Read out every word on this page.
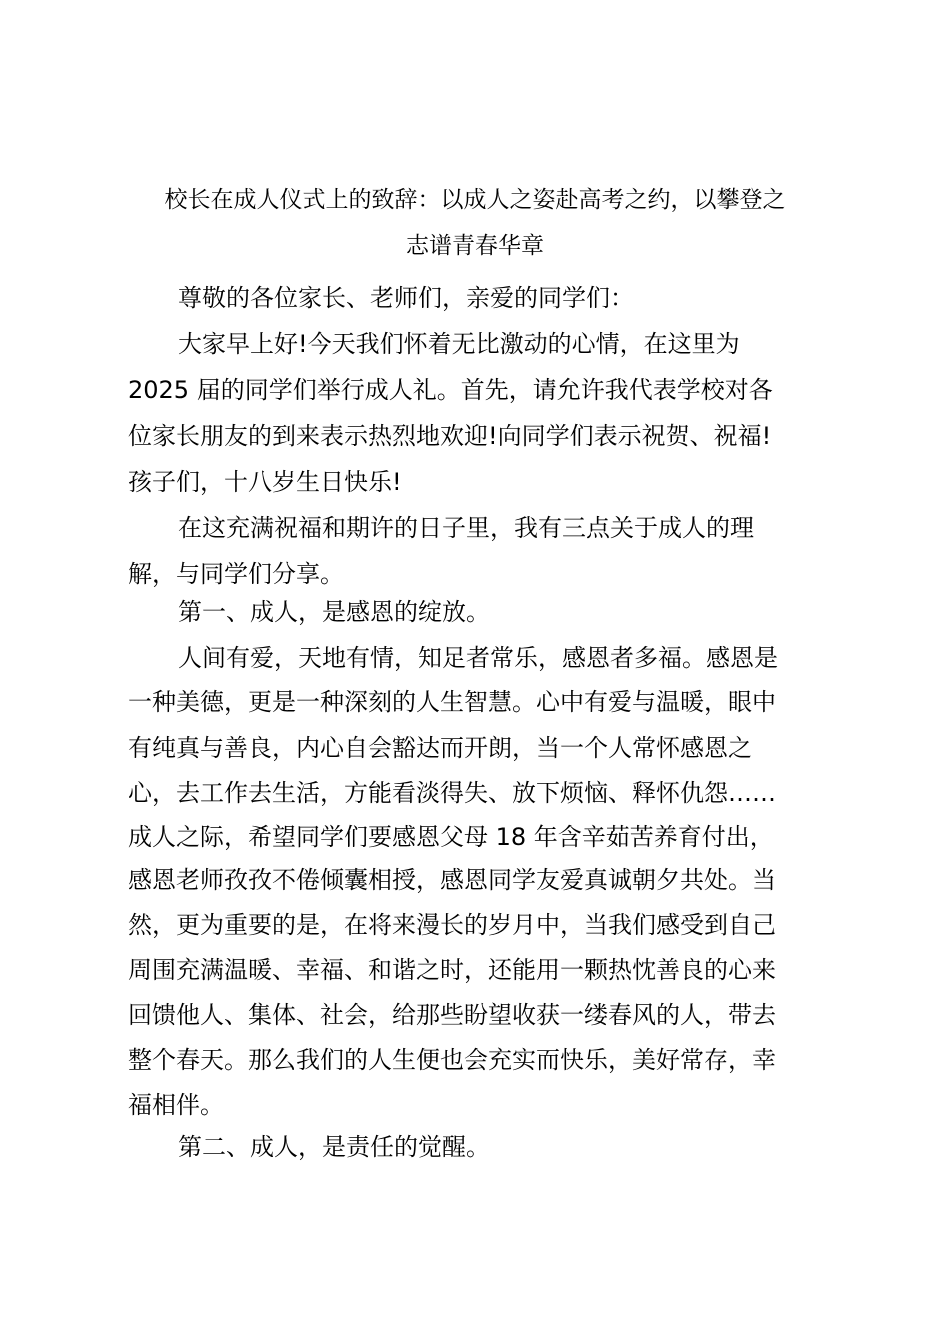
校长在成人仪式上的致辞：以成人之姿赴高考之约，以攀登之
志谱青春华章
尊敬的各位家长、老师们，亲爱的同学们：
大家早上好!今天我们怀着无比激动的心情，在这里为
2025 届的同学们举行成人礼。首先，请允许我代表学校对各
位家长朋友的到来表示热烈地欢迎!向同学们表示祝贺、祝福!
孩子们，十八岁生日快乐!
在这充满祝福和期许的日子里，我有三点关于成人的理
解，与同学们分享。
第一、成人，是感恩的绽放。
人间有爱，天地有情，知足者常乐，感恩者多福。感恩是
一种美德，更是一种深刻的人生智慧。心中有爱与温暖，眼中
有纯真与善良，内心自会豁达而开朗，当一个人常怀感恩之
心，去工作去生活，方能看淡得失、放下烦恼、释怀仇怨……
成人之际，希望同学们要感恩父母 18 年含辛茹苦养育付出，
感恩老师孜孜不倦倾囊相授，感恩同学友爱真诚朝夕共处。当
然，更为重要的是，在将来漫长的岁月中，当我们感受到自己
周围充满温暖、幸福、和谐之时，还能用一颗热忱善良的心来
回馈他人、集体、社会，给那些盼望收获一缕春风的人，带去
整个春天。那么我们的人生便也会充实而快乐，美好常存，幸
福相伴。
第二、成人，是责任的觉醒。
